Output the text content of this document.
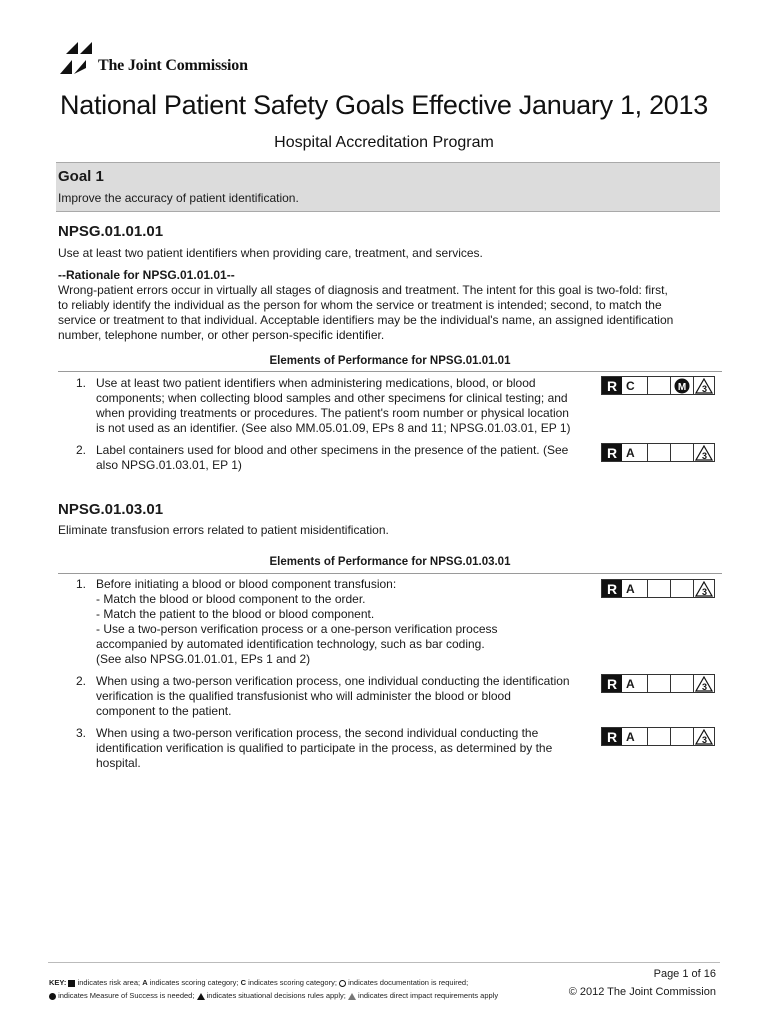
The Joint Commission
National Patient Safety Goals Effective January 1, 2013
Hospital Accreditation Program
Goal 1
Improve the accuracy of patient identification.
NPSG.01.01.01
Use at least two patient identifiers when providing care, treatment, and services.
--Rationale for NPSG.01.01.01--
Wrong-patient errors occur in virtually all stages of diagnosis and treatment. The intent for this goal is two-fold: first,
to reliably identify the individual as the person for whom the service or treatment is intended; second, to match the
service or treatment to that individual. Acceptable identifiers may be the individual's name, an assigned identification
number, telephone number, or other person-specific identifier.
Elements of Performance for NPSG.01.01.01
1. Use at least two patient identifiers when administering medications, blood, or blood
components; when collecting blood samples and other specimens for clinical testing; and
when providing treatments or procedures. The patient's room number or physical location
is not used as an identifier. (See also MM.05.01.09, EPs 8 and 11; NPSG.01.03.01, EP 1)
R C	M 3
2. Label containers used for blood and other specimens in the presence of the patient. (See
also NPSG.01.03.01, EP 1)
R A	3
NPSG.01.03.01
Eliminate transfusion errors related to patient misidentification.
Elements of Performance for NPSG.01.03.01
1. Before initiating a blood or blood component transfusion:
- Match the blood or blood component to the order.
- Match the patient to the blood or blood component.
- Use a two-person verification process or a one-person verification process
accompanied by automated identification technology, such as bar coding.
(See also NPSG.01.01.01, EPs 1 and 2)
R A	3
2. When using a two-person verification process, one individual conducting the identification
verification is the qualified transfusionist who will administer the blood or blood
component to the patient.
R A	3
3. When using a two-person verification process, the second individual conducting the
identification verification is qualified to participate in the process, as determined by the
hospital.
R A	3
KEY: indicates risk area; A indicates scoring category; C indicates scoring category; indicates documentation is required;
indicates Measure of Success is needed; indicates situational decisions rules apply; indicates direct impact requirements apply
Page 1 of 16
© 2012 The Joint Commission
